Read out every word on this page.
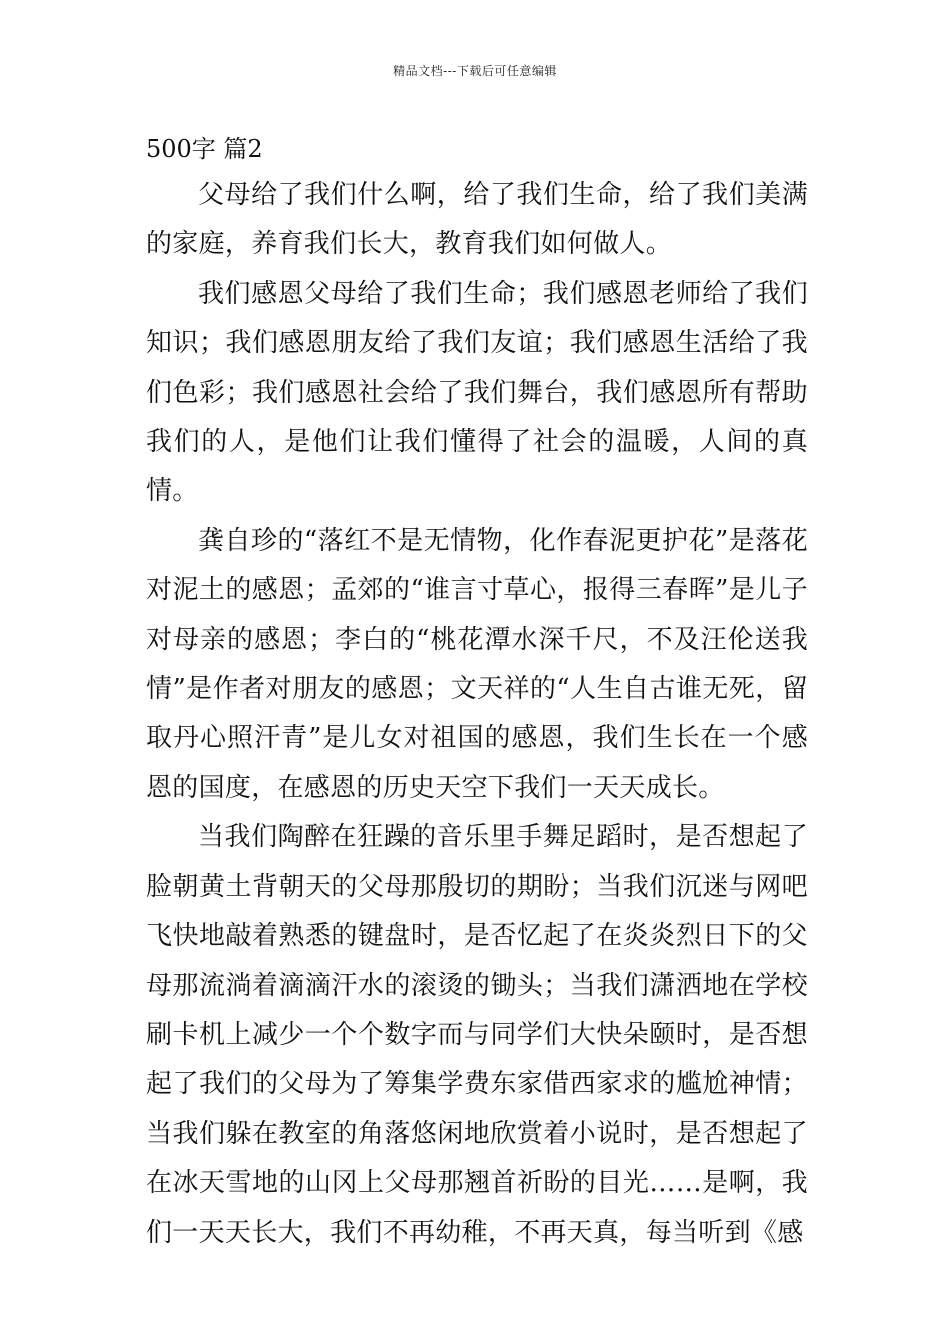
精品文档---下载后可任意编辑
500字 篇2

父母给了我们什么啊，给了我们生命，给了我们美满的家庭，养育我们长大，教育我们如何做人。

我们感恩父母给了我们生命；我们感恩老师给了我们知识；我们感恩朋友给了我们友谊；我们感恩生活给了我们色彩；我们感恩社会给了我们舞台，我们感恩所有帮助我们的人，是他们让我们懂得了社会的温暖，人间的真情。

龚自珍的“落红不是无情物，化作春泥更护花”是落花对泥土的感恩；孟郊的“谁言寸草心，报得三春晖”是儿子对母亲的感恩；李白的“桃花潭水深千尺，不及汪伦送我情”是作者对朋友的感恩；文天祥的“人生自古谁无死，留取丹心照汗青”是儿女对祖国的感恩，我们生长在一个感恩的国度，在感恩的历史天空下我们一天天成长。

当我们陶醉在狂躁的音乐里手舞足蹈时，是否想起了脸朝黄土背朝天的父母那殷切的期盼；当我们沉迷与网吧飞快地敲着熟悉的键盘时，是否忆起了在炎炎烈日下的父母那流淌着滴滴汗水的滚烫的锄头；当我们潇洒地在学校刷卡机上减少一个个数字而与同学们大快朵颐时，是否想起了我们的父母为了筹集学费东家借西家求的尴尬神情；当我们躲在教室的角落悠闲地欣赏着小说时，是否想起了在冰天雪地的山冈上父母那翘首祈盼的目光……是啊，我们一天天长大，我们不再幼稚，不再天真，每当听到《感
